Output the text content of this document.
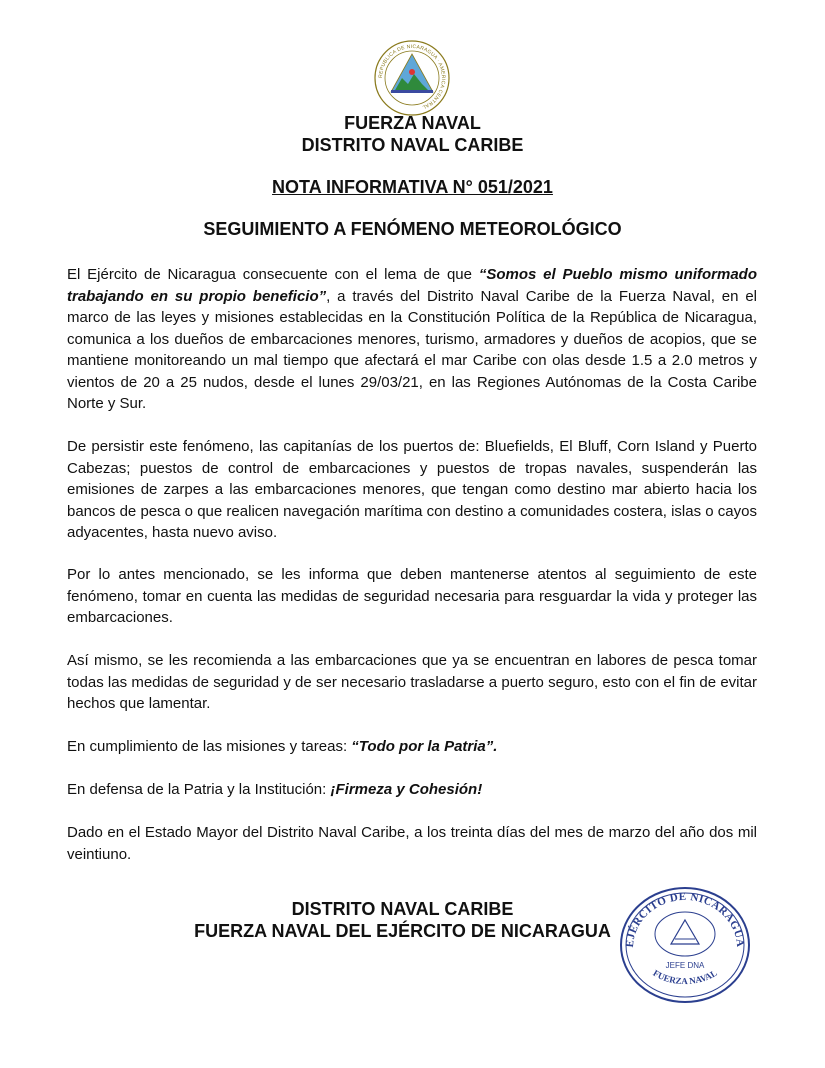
REPUBLICA DE NICARAGUA · AMERICA CENTRAL
FUERZA NAVAL
DISTRITO NAVAL CARIBE
NOTA INFORMATIVA N° 051/2021
SEGUIMIENTO A FENÓMENO METEOROLÓGICO

El Ejército de Nicaragua consecuente con el lema de que “Somos el Pueblo mismo uniformado trabajando en su propio beneficio”, a través del Distrito Naval Caribe de la Fuerza Naval, en el marco de las leyes y misiones establecidas en la Constitución Política de la República de Nicaragua, comunica a los dueños de embarcaciones menores, turismo, armadores y dueños de acopios, que se mantiene monitoreando un mal tiempo que afectará el mar Caribe con olas desde 1.5 a 2.0 metros y vientos de 20 a 25 nudos, desde el lunes 29/03/21, en las Regiones Autónomas de la Costa Caribe Norte y Sur.

De persistir este fenómeno, las capitanías de los puertos de: Bluefields, El Bluff, Corn Island y Puerto Cabezas; puestos de control de embarcaciones y puestos de tropas navales, suspenderán las emisiones de zarpes a las embarcaciones menores, que tengan como destino mar abierto hacia los bancos de pesca o que realicen navegación marítima con destino a comunidades costera, islas o cayos adyacentes, hasta nuevo aviso.

Por lo antes mencionado, se les informa que deben mantenerse atentos al seguimiento de este fenómeno, tomar en cuenta las medidas de seguridad necesaria para resguardar la vida y proteger las embarcaciones.

Así mismo, se les recomienda a las embarcaciones que ya se encuentran en labores de pesca tomar todas las medidas de seguridad y de ser necesario trasladarse a puerto seguro, esto con el fin de evitar hechos que lamentar.

En cumplimiento de las misiones y tareas: “Todo por la Patria”.

En defensa de la Patria y la Institución: ¡Firmeza y Cohesión!

Dado en el Estado Mayor del Distrito Naval Caribe, a los treinta días del mes de marzo del año dos mil veintiuno.

DISTRITO NAVAL CARIBE
FUERZA NAVAL DEL EJÉRCITO DE NICARAGUA
EJÉRCITO DE NICARAGUA
JEFE DNA
FUERZA NAVAL
